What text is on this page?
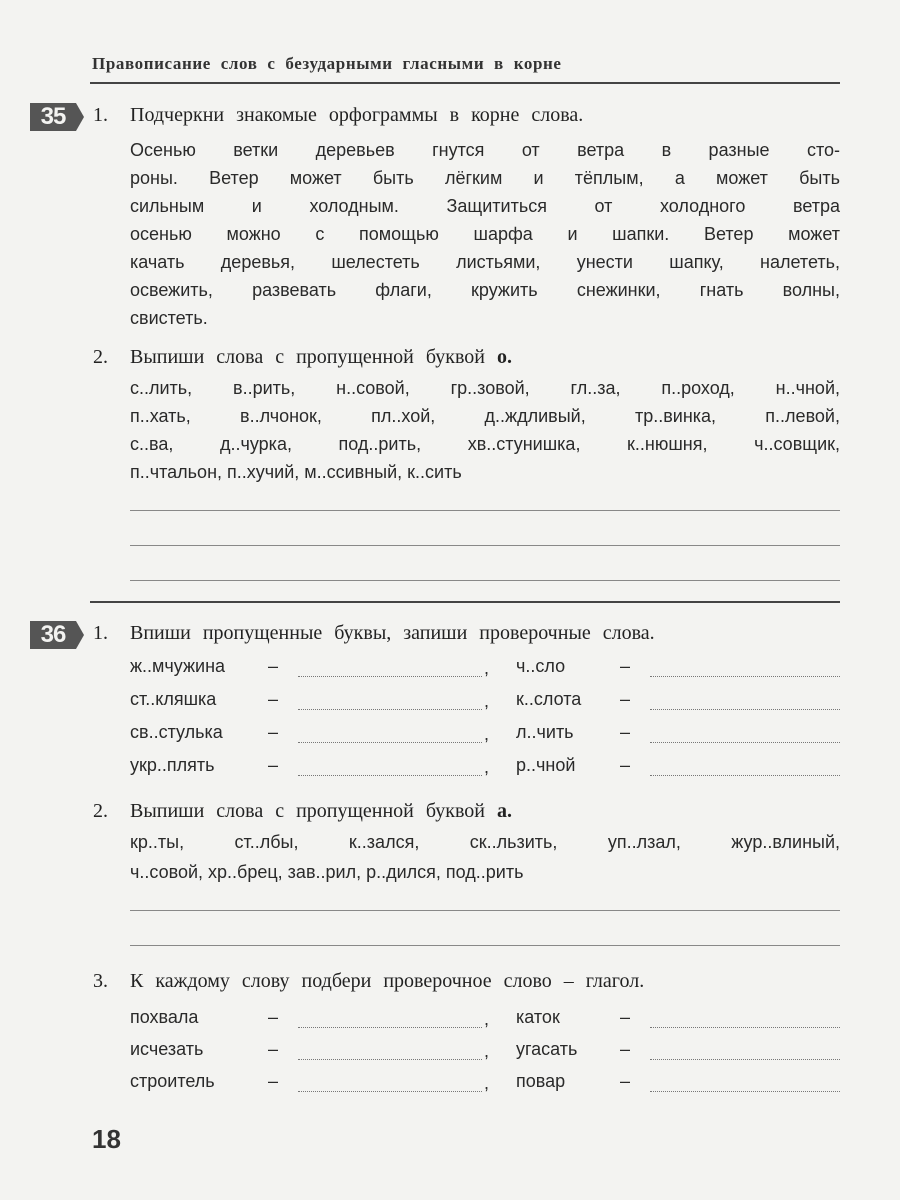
Правописание слов с безударными гласными в корне
35	1. Подчеркни знакомые орфограммы в корне слова.
Осенью ветки деревьев гнутся от ветра в разные сто-
роны. Ветер может быть лёгким и тёплым, а может быть
сильным и холодным. Защититься от холодного ветра
осенью можно с помощью шарфа и шапки. Ветер может
качать деревья, шелестеть листьями, унести шапку, налететь,
освежить, развевать флаги, кружить снежинки, гнать волны,
свистеть.
2. Выпиши слова с пропущенной буквой о.
с..лить, в..рить, н..совой, гр..зовой, гл..за, п..роход, н..чной,
п..хать, в..лчонок, пл..хой, д..ждливый, тр..винка, п..левой,
с..ва, д..чурка, под..рить, хв..стунишка, к..нюшня, ч..совщик,
п..чтальон, п..хучий, м..ссивный, к..сить
36	1. Впиши пропущенные буквы, запиши проверочные слова.
ж..мчужина –	, ч..сло	–
ст..кляшка	–	, к..слота –
св..стулька	–	, л..чить	–
укр..плять	–	, р..чной –
2. Выпиши слова с пропущенной буквой а.
кр..ты, ст..лбы, к..зался, ск..льзить, уп..лзал, жур..влиный,
ч..совой, хр..брец, зав..рил, р..дился, под..рить
3. К каждому слову подбери проверочное слово – глагол.
похвала	–	, каток	–
исчезать	–	, угасать –
строитель	–	, повар	–
18
